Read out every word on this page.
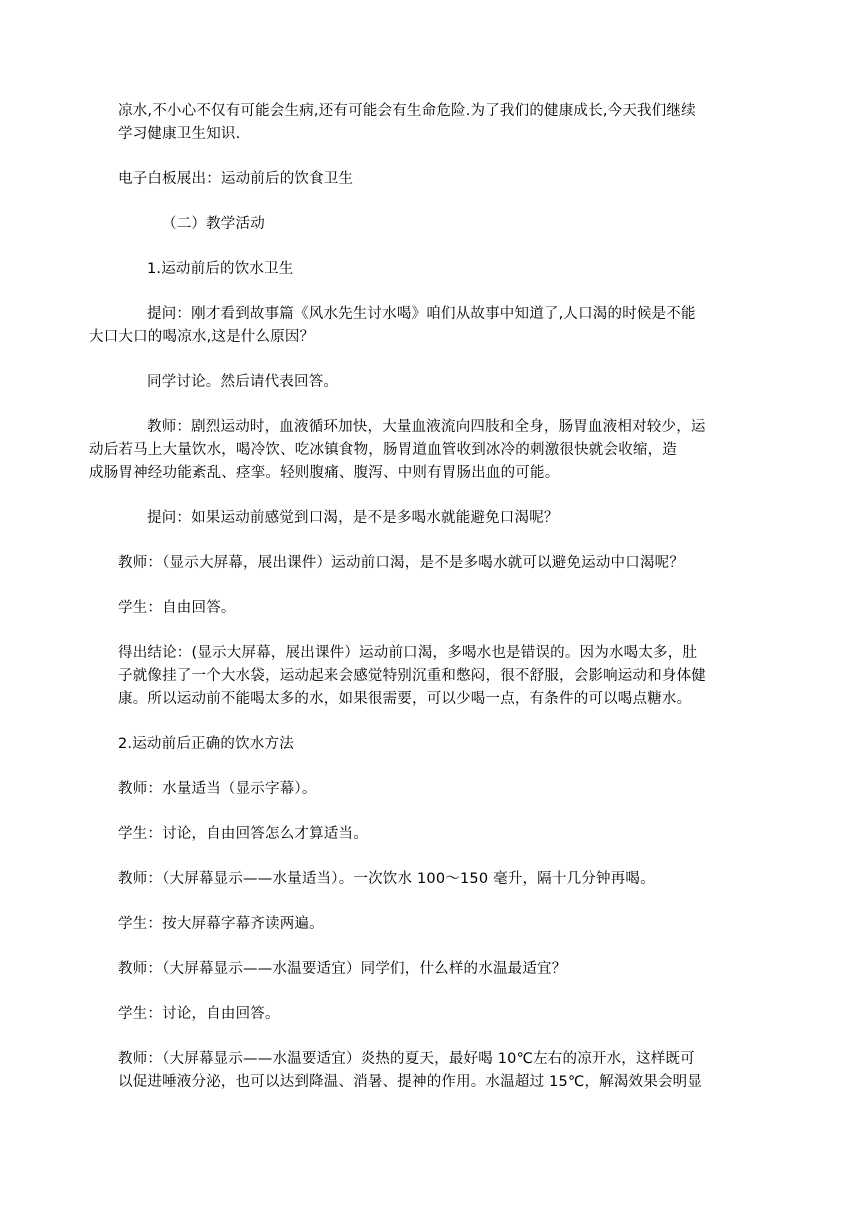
凉水,不小心不仅有可能会生病,还有可能会有生命危险.为了我们的健康成长,今天我们继续
学习健康卫生知识.

电子白板展出：运动前后的饮食卫生

（二）教学活动

1.运动前后的饮水卫生

提问：刚才看到故事篇《风水先生讨水喝》咱们从故事中知道了,人口渴的时候是不能
大口大口的喝凉水,这是什么原因？

同学讨论。然后请代表回答。

教师：剧烈运动时，血液循环加快，大量血液流向四肢和全身，肠胃血液相对较少，运
动后若马上大量饮水，喝冷饮、吃冰镇食物，肠胃道血管收到冰冷的刺激很快就会收缩，造
成肠胃神经功能紊乱、痉挛。轻则腹痛、腹泻、中则有胃肠出血的可能。

提问：如果运动前感觉到口渴，是不是多喝水就能避免口渴呢？

教师：（显示大屏幕，展出课件）运动前口渴，是不是多喝水就可以避免运动中口渴呢？

学生：自由回答。

得出结论：(显示大屏幕，展出课件）运动前口渴，多喝水也是错误的。因为水喝太多，肚
子就像挂了一个大水袋，运动起来会感觉特别沉重和憋闷，很不舒服，会影响运动和身体健
康。所以运动前不能喝太多的水，如果很需要，可以少喝一点，有条件的可以喝点糖水。

2.运动前后正确的饮水方法

教师：水量适当（显示字幕）。

学生：讨论，自由回答怎么才算适当。

教师：（大屏幕显示——水量适当）。一次饮水 100～150 毫升，隔十几分钟再喝。

学生：按大屏幕字幕齐读两遍。

教师：（大屏幕显示——水温要适宜）同学们，什么样的水温最适宜？

学生：讨论，自由回答。

教师：（大屏幕显示——水温要适宜）炎热的夏天，最好喝 10℃左右的凉开水，这样既可
以促进唾液分泌，也可以达到降温、消暑、提神的作用。水温超过 15℃，解渴效果会明显
